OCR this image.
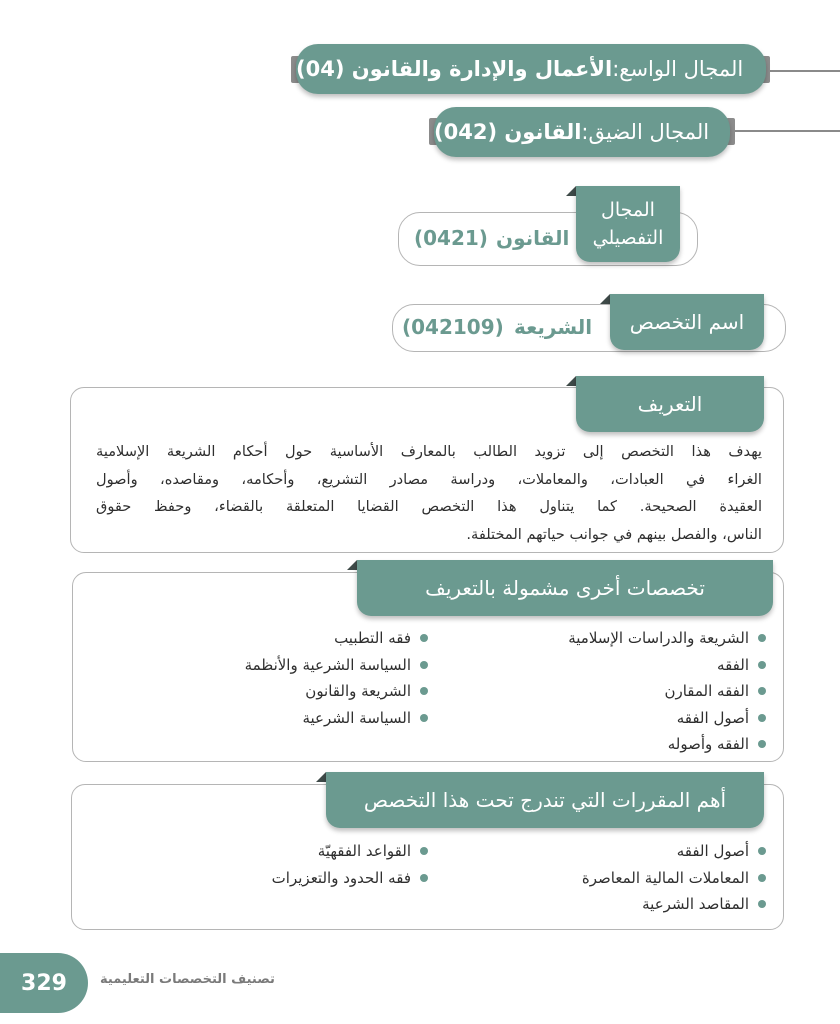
المجال الواسع:
الأعمال والإدارة والقانون (04)
المجال الضيق:
القانون (042)
المجال
التفصيلي
القانون
(0421)
اسم التخصص
الشريعة
(042109)
التعريف
يهدف هذا التخصص إلى تزويد الطالب بالمعارف الأساسية حول أحكام الشريعة الإسلامية
الغراء في العبادات، والمعاملات، ودراسة مصادر التشريع، وأحكامه، ومقاصده، وأصول
العقيدة الصحيحة. كما يتناول هذا التخصص القضايا المتعلقة بالقضاء، وحفظ حقوق
الناس، والفصل بينهم في جوانب حياتهم المختلفة.
تخصصات أخرى مشمولة بالتعريف
الشريعة والدراسات الإسلامية
الفقه
الفقه المقارن
أصول الفقه
الفقه وأصوله
فقه التطبيب
السياسة الشرعية والأنظمة
الشريعة والقانون
السياسة الشرعية
أهم المقررات التي تندرج تحت هذا التخصص
أصول الفقه
المعاملات المالية المعاصرة
المقاصد الشرعية
القواعد الفقهيّة
فقه الحدود والتعزيرات
329	تصنيف التخصصات التعليمية
